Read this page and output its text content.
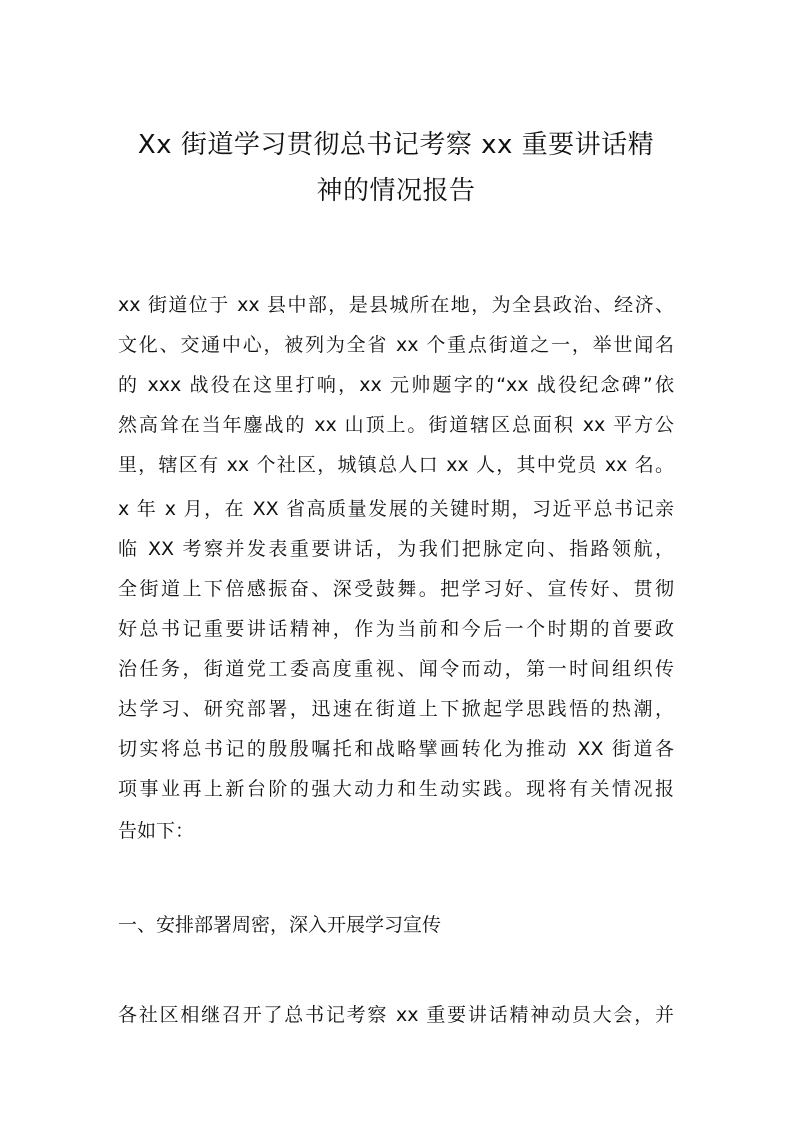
Xx 街道学习贯彻总书记考察 xx 重要讲话精
神的情况报告

xx 街道位于 xx 县中部，是县城所在地，为全县政治、经济、

文化、交通中心，被列为全省 xx 个重点街道之一，举世闻名

的 xxx 战役在这里打响，xx 元帅题字的“xx 战役纪念碑”依

然高耸在当年鏖战的 xx 山顶上。街道辖区总面积 xx 平方公

里，辖区有 xx 个社区，城镇总人口 xx 人，其中党员 xx 名。

x 年 x 月，在 XX 省高质量发展的关键时期，习近平总书记亲

临 XX 考察并发表重要讲话，为我们把脉定向、指路领航，

全街道上下倍感振奋、深受鼓舞。把学习好、宣传好、贯彻

好总书记重要讲话精神，作为当前和今后一个时期的首要政

治任务，街道党工委高度重视、闻令而动，第一时间组织传

达学习、研究部署，迅速在街道上下掀起学思践悟的热潮，

切实将总书记的殷殷嘱托和战略擘画转化为推动 XX 街道各

项事业再上新台阶的强大动力和生动实践。现将有关情况报

告如下：

一、安排部署周密，深入开展学习宣传

各社区相继召开了总书记考察 xx 重要讲话精神动员大会，并
